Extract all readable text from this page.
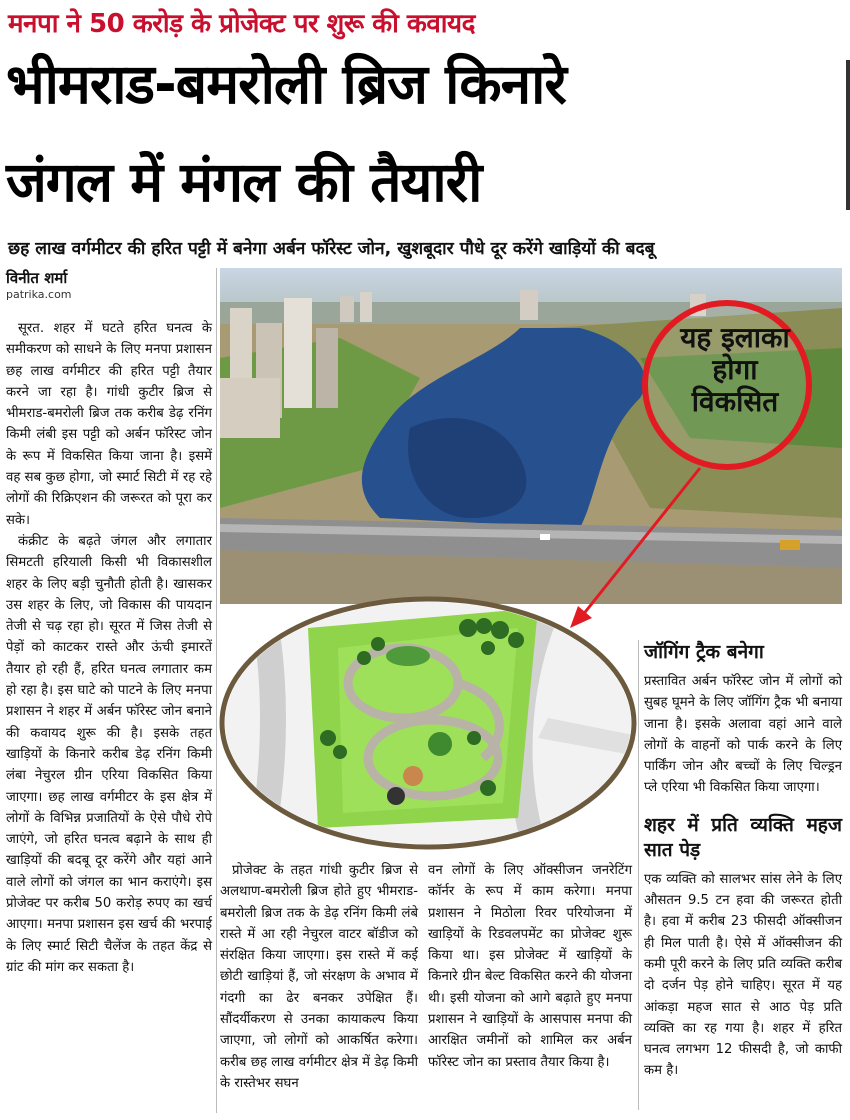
मनपा ने 50 करोड़ के प्रोजेक्ट पर शुरू की कवायद
भीमराड-बमरोली ब्रिज किनारे
जंगल में मंगल की तैयारी
छह लाख वर्गमीटर की हरित पट्टी में बनेगा अर्बन फॉरेस्ट जोन, खुशबूदार पौधे दूर करेंगे खाड़ियों की बदबू
विनीत शर्मा
patrika.com

सूरत. शहर में घटते हरित घनत्व के समीकरण को साधने के लिए मनपा प्रशासन छह लाख वर्गमीटर की हरित पट्टी तैयार करने जा रहा है। गांधी कुटीर ब्रिज से भीमराड-बमरोली ब्रिज तक करीब डेढ़ रनिंग किमी लंबी इस पट्टी को अर्बन फॉरेस्ट जोन के रूप में विकसित किया जाना है। इसमें वह सब कुछ होगा, जो स्मार्ट सिटी में रह रहे लोगों की रिक्रिएशन की जरूरत को पूरा कर सके।

कंक्रीट के बढ़ते जंगल और लगातार सिमटती हरियाली किसी भी विकासशील शहर के लिए बड़ी चुनौती होती है। खासकर उस शहर के लिए, जो विकास की पायदान तेजी से चढ़ रहा हो। सूरत में जिस तेजी से पेड़ों को काटकर रास्ते और ऊंची इमारतें तैयार हो रही हैं, हरित घनत्व लगातार कम हो रहा है। इस घाटे को पाटने के लिए मनपा प्रशासन ने शहर में अर्बन फॉरेस्ट जोन बनाने की कवायद शुरू की है। इसके तहत खाड़ियों के किनारे करीब डेढ़ रनिंग किमी लंबा नेचुरल ग्रीन एरिया विकसित किया जाएगा। छह लाख वर्गमीटर के इस क्षेत्र में लोगों के विभिन्न प्रजातियों के ऐसे पौधे रोपे जाएंगे, जो हरित घनत्व बढ़ाने के साथ ही खाड़ियों की बदबू दूर करेंगे और यहां आने वाले लोगों को जंगल का भान कराएंगे। इस प्रोजेक्ट पर करीब 50 करोड़ रुपए का खर्च आएगा। मनपा प्रशासन इस खर्च की भरपाई के लिए स्मार्ट सिटी चैलेंज के तहत केंद्र से ग्रांट की मांग कर सकता है।

यह इलाका होगा विकसित

प्रोजेक्ट के तहत गांधी कुटीर ब्रिज से अलथाण-बमरोली ब्रिज होते हुए भीमराड-बमरोली ब्रिज तक के डेढ़ रनिंग किमी लंबे रास्ते में आ रही नेचुरल वाटर बॉडीज को संरक्षित किया जाएगा। इस रास्ते में कई छोटी खाड़ियां हैं, जो संरक्षण के अभाव में गंदगी का ढेर बनकर उपेक्षित हैं। सौंदर्यीकरण से उनका कायाकल्प किया जाएगा, जो लोगों को आकर्षित करेगा। करीब छह लाख वर्गमीटर क्षेत्र में डेढ़ किमी के रास्तेभर सघन

वन लोगों के लिए ऑक्सीजन जनरेटिंग कॉर्नर के रूप में काम करेगा। मनपा प्रशासन ने मिठोला रिवर परियोजना में खाड़ियों के रिडवलपमेंट का प्रोजेक्ट शुरू किया था। इस प्रोजेक्ट में खाड़ियों के किनारे ग्रीन बेल्ट विकसित करने की योजना थी। इसी योजना को आगे बढ़ाते हुए मनपा प्रशासन ने खाड़ियों के आसपास मनपा की आरक्षित जमीनों को शामिल कर अर्बन फॉरेस्ट जोन का प्रस्ताव तैयार किया है।

जॉगिंग ट्रैक बनेगा

प्रस्तावित अर्बन फॉरेस्ट जोन में लोगों को सुबह घूमने के लिए जॉगिंग ट्रैक भी बनाया जाना है। इसके अलावा वहां आने वाले लोगों के वाहनों को पार्क करने के लिए पार्किंग जोन और बच्चों के लिए चिल्ड्रन प्ले एरिया भी विकसित किया जाएगा।

शहर में प्रति व्यक्ति महज सात पेड़

एक व्यक्ति को सालभर सांस लेने के लिए औसतन 9.5 टन हवा की जरूरत होती है। हवा में करीब 23 फीसदी ऑक्सीजन ही मिल पाती है। ऐसे में ऑक्सीजन की कमी पूरी करने के लिए प्रति व्यक्ति करीब दो दर्जन पेड़ होने चाहिए। सूरत में यह आंकड़ा महज सात से आठ पेड़ प्रति व्यक्ति का रह गया है। शहर में हरित घनत्व लगभग 12 फीसदी है, जो काफी कम है।
